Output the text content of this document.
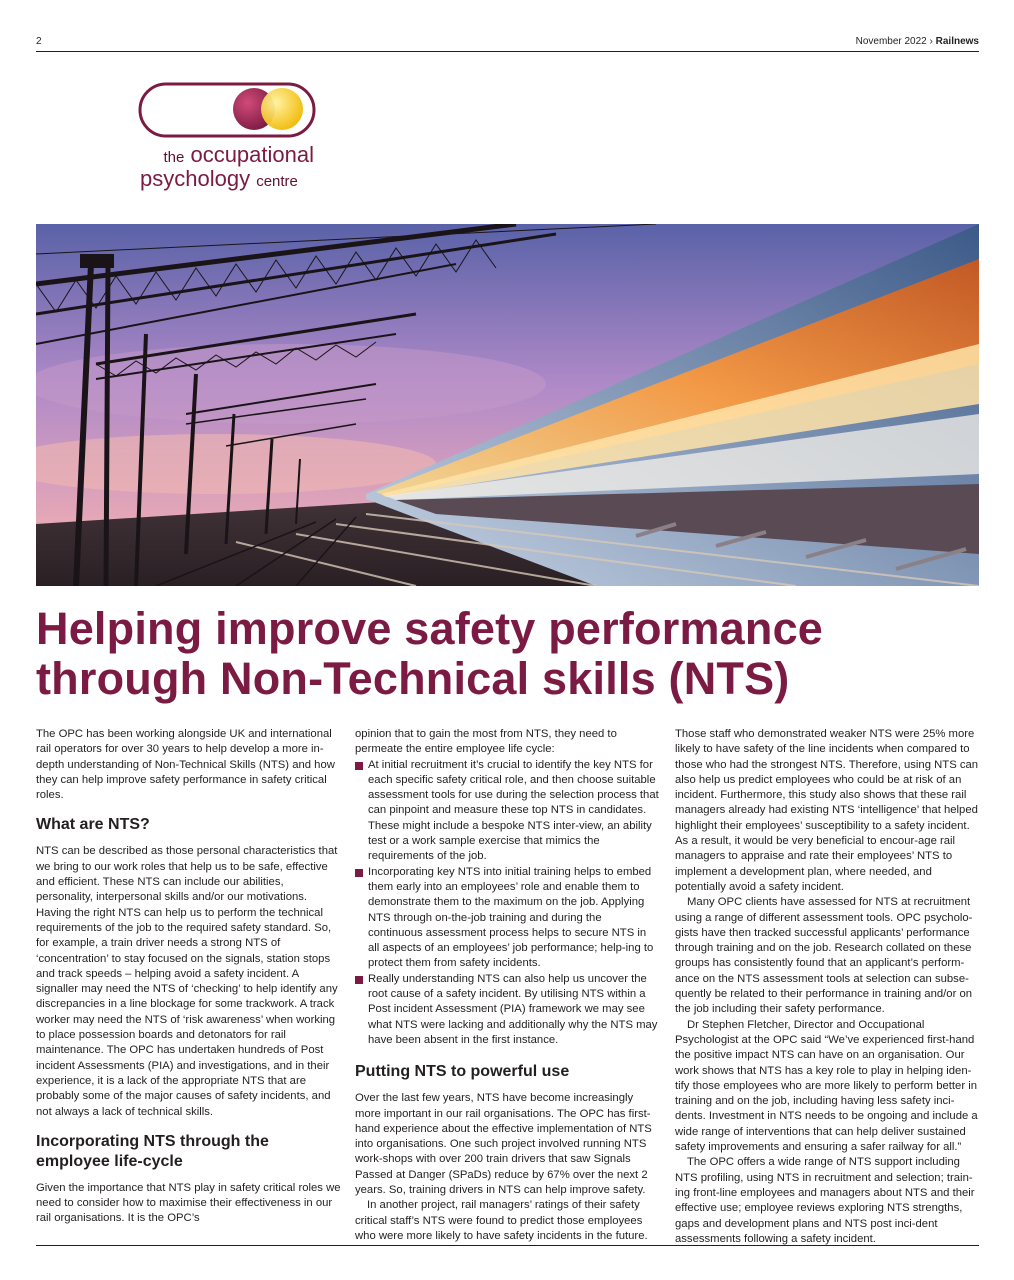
2	November 2022 › Railnews
the occupational
psychology centre
Helping improve safety performance through Non-Technical skills (NTS)

The OPC has been working alongside UK and international rail operators for over 30 years to help develop a more in-depth understanding of Non-Technical Skills (NTS) and how they can help improve safety performance in safety critical roles.

What are NTS?

NTS can be described as those personal characteristics that we bring to our work roles that help us to be safe, effective and efficient. These NTS can include our abilities, personality, interpersonal skills and/or our motivations. Having the right NTS can help us to perform the technical requirements of the job to the required safety standard. So, for example, a train driver needs a strong NTS of ‘concentration’ to stay focused on the signals, station stops and track speeds – helping avoid a safety incident. A signaller may need the NTS of ‘checking’ to help identify any discrepancies in a line blockage for some trackwork. A track worker may need the NTS of ‘risk awareness’ when working to place possession boards and detonators for rail maintenance. The OPC has undertaken hundreds of Post incident Assessments (PIA) and investigations, and in their experience, it is a lack of the appropriate NTS that are probably some of the major causes of safety incidents, and not always a lack of technical skills.

Incorporating NTS through the employee life-cycle

Given the importance that NTS play in safety critical roles we need to consider how to maximise their effectiveness in our rail organisations. It is the OPC’s

opinion that to gain the most from NTS, they need to permeate the entire employee life cycle:

At initial recruitment it’s crucial to identify the key NTS for each specific safety critical role, and then choose suitable assessment tools for use during the selection process that can pinpoint and measure these top NTS in candidates. These might include a bespoke NTS inter-view, an ability test or a work sample exercise that mimics the requirements of the job.
Incorporating key NTS into initial training helps to embed them early into an employees’ role and enable them to demonstrate them to the maximum on the job. Applying NTS through on-the-job training and during the continuous assessment process helps to secure NTS in all aspects of an employees’ job performance; help-ing to protect them from safety incidents.
Really understanding NTS can also help us uncover the root cause of a safety incident. By utilising NTS within a Post incident Assessment (PIA) framework we may see what NTS were lacking and additionally why the NTS may have been absent in the first instance.
Putting NTS to powerful use

Over the last few years, NTS have become increasingly more important in our rail organisations. The OPC has first-hand experience about the effective implementation of NTS into organisations. One such project involved running NTS work-shops with over 200 train drivers that saw Signals Passed at Danger (SPaDs) reduce by 67% over the next 2 years. So, training drivers in NTS can help improve safety.

In another project, rail managers’ ratings of their safety critical staff’s NTS were found to predict those employees who were more likely to have safety incidents in the future.

Those staff who demonstrated weaker NTS were 25% more likely to have safety of the line incidents when compared to those who had the strongest NTS. Therefore, using NTS can also help us predict employees who could be at risk of an incident. Furthermore, this study also shows that these rail managers already had existing NTS ‘intelligence’ that helped highlight their employees’ susceptibility to a safety incident. As a result, it would be very beneficial to encour-age rail managers to appraise and rate their employees’ NTS to implement a development plan, where needed, and potentially avoid a safety incident.

Many OPC clients have assessed for NTS at recruitment using a range of different assessment tools. OPC psycholo-gists have then tracked successful applicants’ performance through training and on the job. Research collated on these groups has consistently found that an applicant’s perform-ance on the NTS assessment tools at selection can subse-quently be related to their performance in training and/or on the job including their safety performance.

Dr Stephen Fletcher, Director and Occupational Psychologist at the OPC said “We’ve experienced first-hand the positive impact NTS can have on an organisation. Our work shows that NTS has a key role to play in helping iden-tify those employees who are more likely to perform better in training and on the job, including having less safety inci-dents. Investment in NTS needs to be ongoing and include a wide range of interventions that can help deliver sustained safety improvements and ensuring a safer railway for all.”

The OPC offers a wide range of NTS support including NTS profiling, using NTS in recruitment and selection; train-ing front-line employees and managers about NTS and their effective use; employee reviews exploring NTS strengths, gaps and development plans and NTS post inci-dent assessments following a safety incident.
